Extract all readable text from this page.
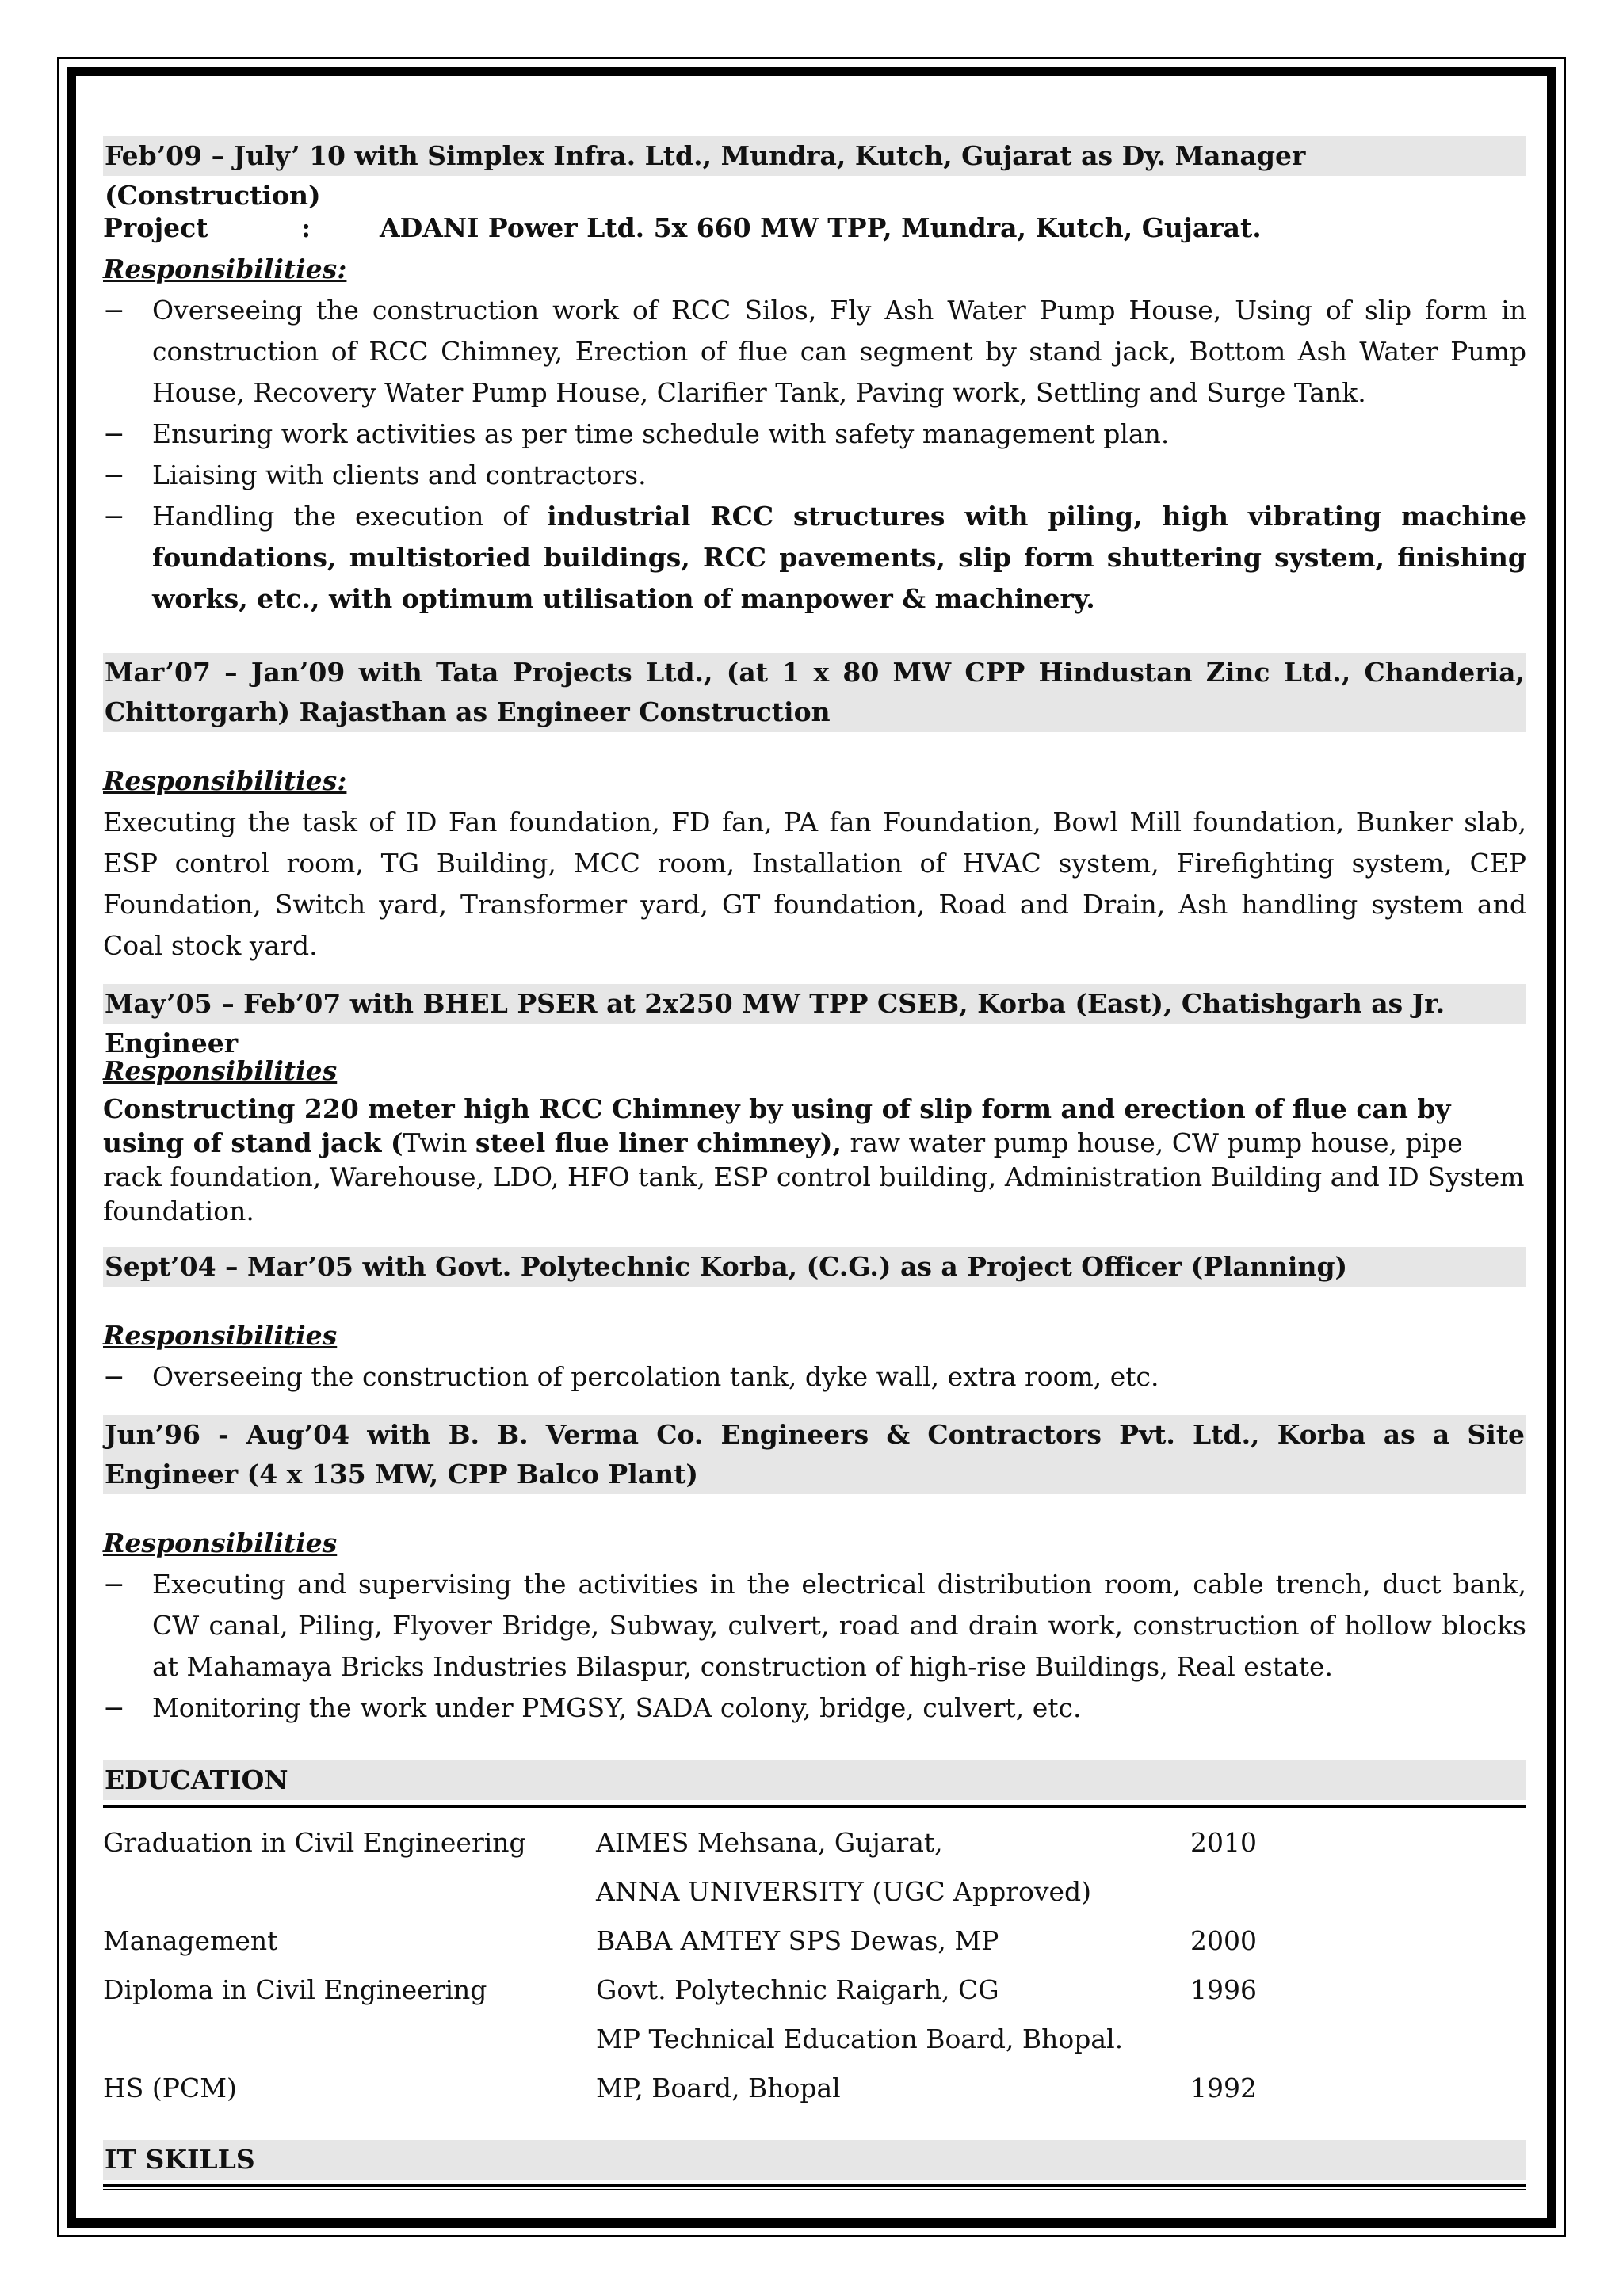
Feb’09 – July’ 10 with Simplex Infra. Ltd., Mundra, Kutch, Gujarat as Dy. Manager (Construction)
Project	:	ADANI Power Ltd. 5x 660 MW TPP, Mundra, Kutch, Gujarat.
Responsibilities:
−	Overseeing the construction work of RCC Silos, Fly Ash Water Pump House, Using of slip form in construction of RCC Chimney, Erection of flue can segment by stand jack, Bottom Ash Water Pump House, Recovery Water Pump House, Clarifier Tank, Paving work, Settling and Surge Tank.
−	Ensuring work activities as per time schedule with safety management plan.
−	Liaising with clients and contractors.
−	Handling the execution of industrial RCC structures with piling, high vibrating machine foundations, multistoried buildings, RCC pavements, slip form shuttering system, finishing works, etc., with optimum utilisation of manpower & machinery.
Mar’07 – Jan’09 with Tata Projects Ltd., (at 1 x 80 MW CPP Hindustan Zinc Ltd., Chanderia, Chittorgarh) Rajasthan as Engineer Construction
Responsibilities:
Executing the task of ID Fan foundation, FD fan, PA fan Foundation, Bowl Mill foundation, Bunker slab, ESP control room, TG Building, MCC room, Installation of HVAC system, Firefighting system, CEP Foundation, Switch yard, Transformer yard, GT foundation, Road and Drain, Ash handling system and Coal stock yard.
May’05 – Feb’07 with BHEL PSER at 2x250 MW TPP CSEB, Korba (East), Chatishgarh as Jr. Engineer
Responsibilities
Constructing 220 meter high RCC Chimney by using of slip form and erection of flue can by using of stand jack (Twin steel flue liner chimney), raw water pump house, CW pump house, pipe rack foundation, Warehouse, LDO, HFO tank, ESP control building, Administration Building and ID System foundation.
Sept’04 – Mar’05 with Govt. Polytechnic Korba, (C.G.) as a Project Officer (Planning)
Responsibilities
−	Overseeing the construction of percolation tank, dyke wall, extra room, etc.
Jun’96 - Aug’04 with B. B. Verma Co. Engineers & Contractors Pvt. Ltd., Korba as a Site Engineer (4 x 135 MW, CPP Balco Plant)
Responsibilities
−	Executing and supervising the activities in the electrical distribution room, cable trench, duct bank, CW canal, Piling, Flyover Bridge, Subway, culvert, road and drain work, construction of hollow blocks at Mahamaya Bricks Industries Bilaspur, construction of high-rise Buildings, Real estate.
−	Monitoring the work under PMGSY, SADA colony, bridge, culvert, etc.
EDUCATION
Graduation in Civil Engineering	AIMES Mehsana, Gujarat,	2010
ANNA UNIVERSITY (UGC Approved)
Management	BABA AMTEY SPS Dewas, MP	2000
Diploma in Civil Engineering	Govt. Polytechnic Raigarh, CG	1996
MP Technical Education Board, Bhopal.
HS (PCM)	MP, Board, Bhopal	1992
IT SKILLS
